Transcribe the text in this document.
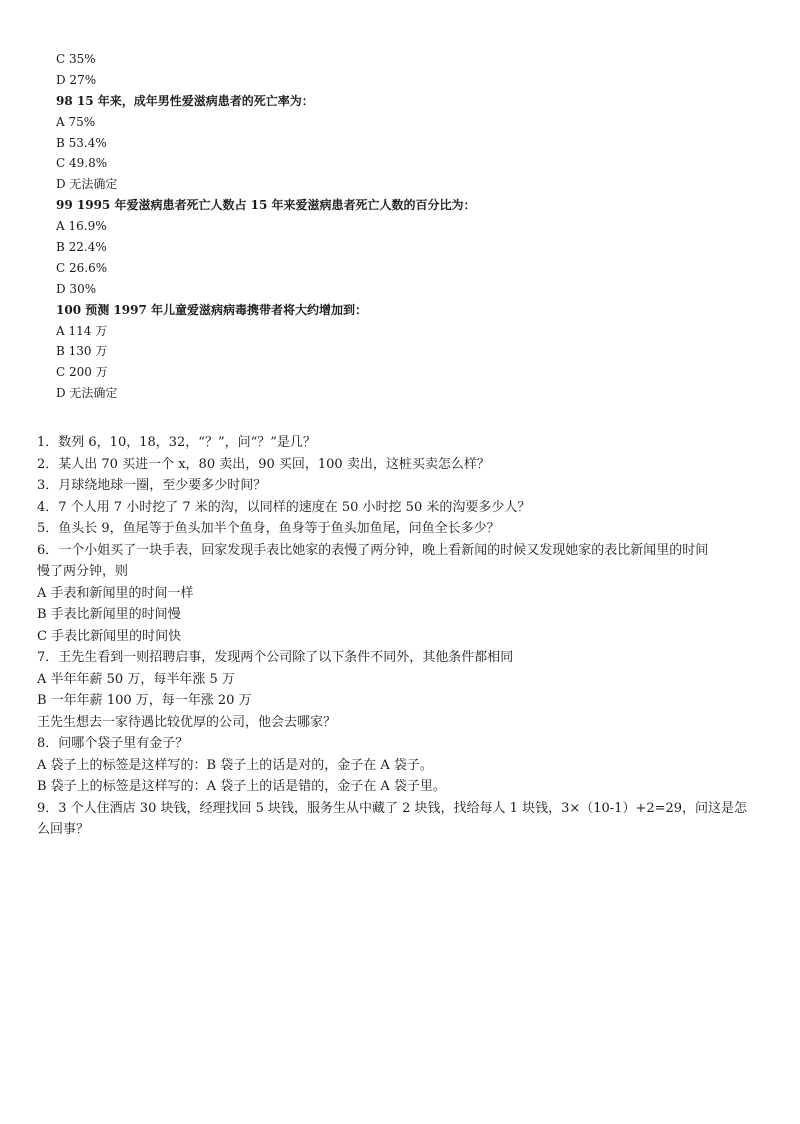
C 35%
D 27%
98 15 年来，成年男性爱滋病患者的死亡率为：
A 75%
B 53.4%
C 49.8%
D 无法确定
99 1995 年爱滋病患者死亡人数占 15 年来爱滋病患者死亡人数的百分比为：
A 16.9%
B 22.4%
C 26.6%
D 30%
100 预测 1997 年儿童爱滋病病毒携带者将大约增加到：
A 114 万
B 130 万
C 200 万
D 无法确定
1．数列 6，10，18，32，“？”，问“？”是几？
2．某人出 70 买进一个 x，80 卖出，90 买回，100 卖出，这桩买卖怎么样？
3．月球绕地球一圈，至少要多少时间？
4．7 个人用 7 小时挖了 7 米的沟，以同样的速度在 50 小时挖 50 米的沟要多少人？
5．鱼头长 9，鱼尾等于鱼头加半个鱼身，鱼身等于鱼头加鱼尾，问鱼全长多少？
6．一个小姐买了一块手表，回家发现手表比她家的表慢了两分钟，晚上看新闻的时候又发现她家的表比新闻里的时间
慢了两分钟，则
A 手表和新闻里的时间一样
B 手表比新闻里的时间慢
C 手表比新闻里的时间快
7．王先生看到一则招聘启事，发现两个公司除了以下条件不同外，其他条件都相同
A 半年年薪 50 万，每半年涨 5 万
B 一年年薪 100 万，每一年涨 20 万
王先生想去一家待遇比较优厚的公司，他会去哪家？
8．问哪个袋子里有金子？
A 袋子上的标签是这样写的：B 袋子上的话是对的，金子在 A 袋子。
B 袋子上的标签是这样写的：A 袋子上的话是错的，金子在 A 袋子里。
9．3 个人住酒店 30 块钱，经理找回 5 块钱，服务生从中藏了 2 块钱，找给每人 1 块钱，3×（10-1）+2=29，问这是怎
么回事？
